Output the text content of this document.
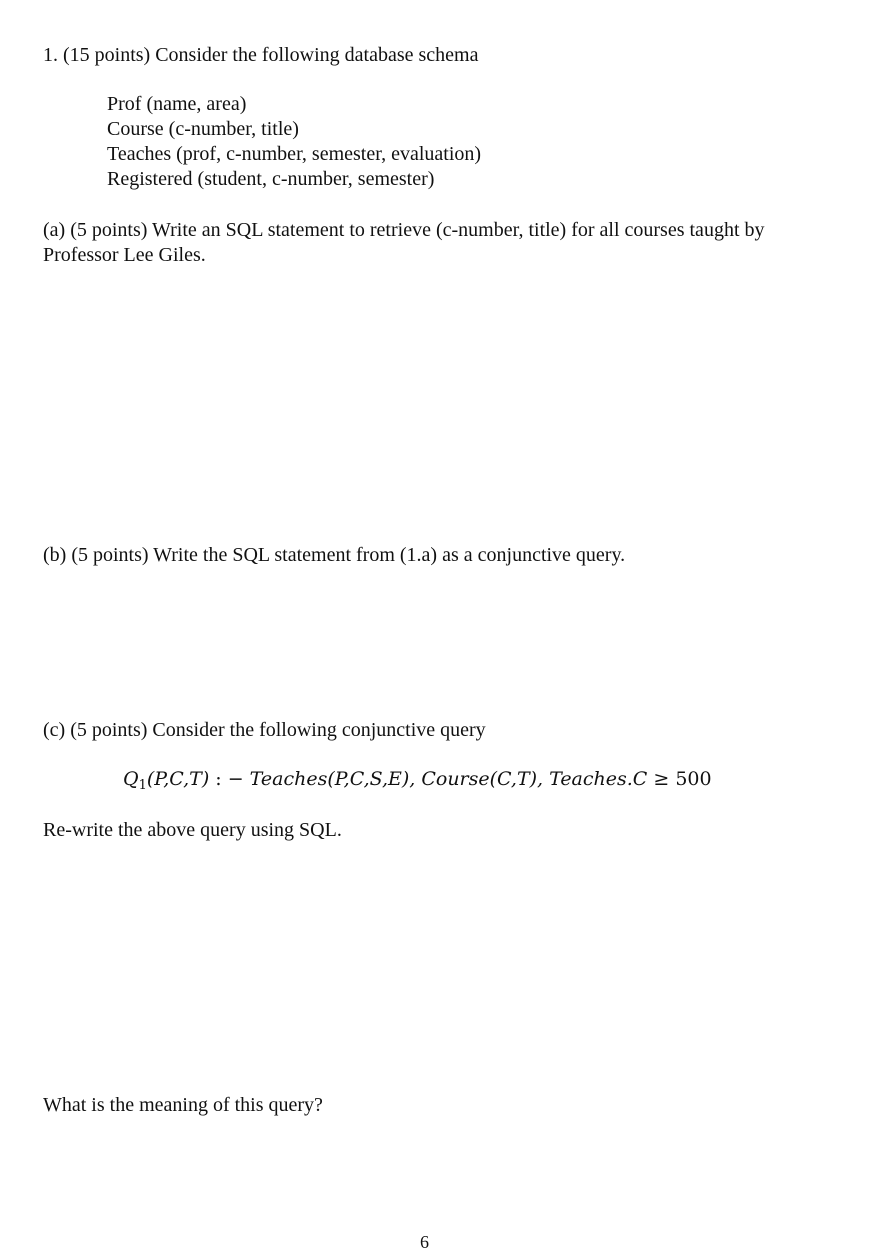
1. (15 points) Consider the following database schema
Prof (name, area)
Course (c-number, title)
Teaches (prof, c-number, semester, evaluation)
Registered (student, c-number, semester)
(a) (5 points) Write an SQL statement to retrieve (c-number, title) for all courses taught by Professor Lee Giles.
(b) (5 points) Write the SQL statement from (1.a) as a conjunctive query.
(c) (5 points) Consider the following conjunctive query
$Q_1(P,C,T)$ : − Teaches(P,C,S,E), Course(C,T), Teaches.C ≥ 500
Re-write the above query using SQL.
What is the meaning of this query?
6
